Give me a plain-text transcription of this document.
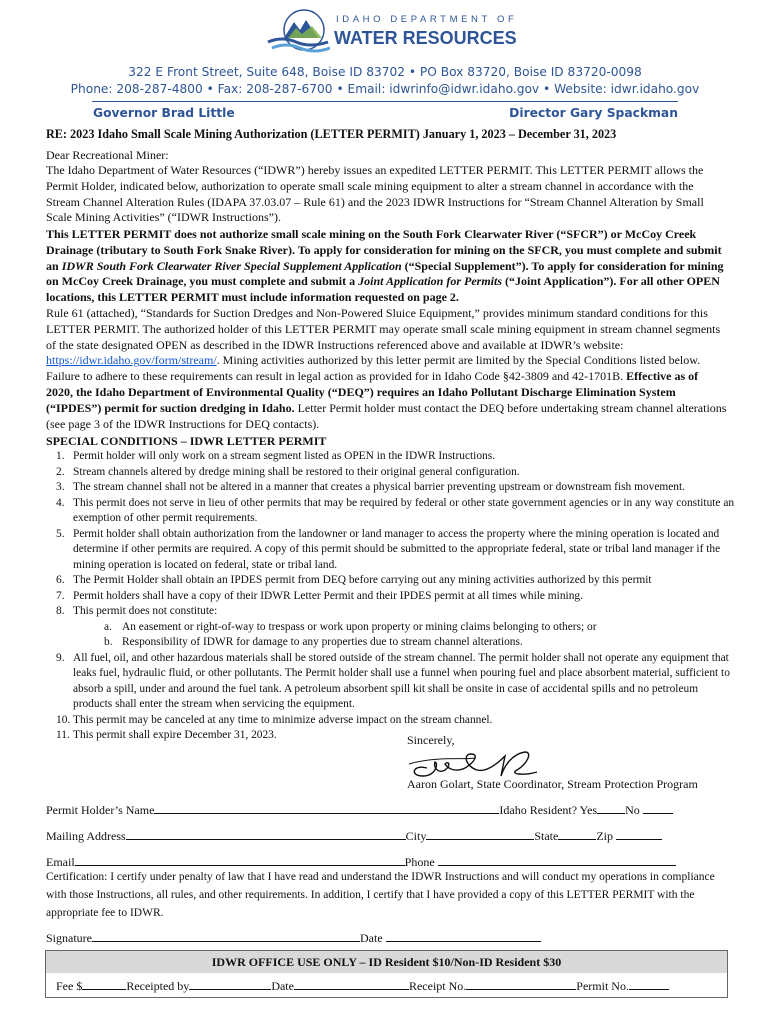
IDAHO DEPARTMENT OF
WATER RESOURCES
322 E Front Street, Suite 648, Boise ID 83702 • PO Box 83720, Boise ID 83720-0098
Phone: 208-287-4800 • Fax: 208-287-6700 • Email: idwrinfo@idwr.idaho.gov • Website: idwr.idaho.gov
Governor Brad Little	Director Gary Spackman
RE: 2023 Idaho Small Scale Mining Authorization (LETTER PERMIT) January 1, 2023 – December 31, 2023
Dear Recreational Miner:
The Idaho Department of Water Resources (“IDWR”) hereby issues an expedited LETTER PERMIT. This LETTER PERMIT allows the Permit Holder, indicated below, authorization to operate small scale mining equipment to alter a stream channel in accordance with the Stream Channel Alteration Rules (IDAPA 37.03.07 – Rule 61) and the 2023 IDWR Instructions for “Stream Channel Alteration by Small Scale Mining Activities” (“IDWR Instructions”).
This LETTER PERMIT does not authorize small scale mining on the South Fork Clearwater River (“SFCR”) or McCoy Creek Drainage (tributary to South Fork Snake River). To apply for consideration for mining on the SFCR, you must complete and submit an IDWR South Fork Clearwater River Special Supplement Application (“Special Supplement”). To apply for consideration for mining on McCoy Creek Drainage, you must complete and submit a Joint Application for Permits (“Joint Application”). For all other OPEN locations, this LETTER PERMIT must include information requested on page 2.
Rule 61 (attached), “Standards for Suction Dredges and Non-Powered Sluice Equipment,” provides minimum standard conditions for this LETTER PERMIT. The authorized holder of this LETTER PERMIT may operate small scale mining equipment in stream channel segments of the state designated OPEN as described in the IDWR Instructions referenced above and available at IDWR’s website: https://idwr.idaho.gov/form/stream/. Mining activities authorized by this letter permit are limited by the Special Conditions listed below. Failure to adhere to these requirements can result in legal action as provided for in Idaho Code §42-3809 and 42-1701B. Effective as of 2020, the Idaho Department of Environmental Quality (“DEQ”) requires an Idaho Pollutant Discharge Elimination System (“IPDES”) permit for suction dredging in Idaho. Letter Permit holder must contact the DEQ before undertaking stream channel alterations (see page 3 of the IDWR Instructions for DEQ contacts).
SPECIAL CONDITIONS – IDWR LETTER PERMIT
1. Permit holder will only work on a stream segment listed as OPEN in the IDWR Instructions.
2. Stream channels altered by dredge mining shall be restored to their original general configuration.
3. The stream channel shall not be altered in a manner that creates a physical barrier preventing upstream or downstream fish movement.
4. This permit does not serve in lieu of other permits that may be required by federal or other state government agencies or in any way constitute an exemption of other permit requirements.
5. Permit holder shall obtain authorization from the landowner or land manager to access the property where the mining operation is located and determine if other permits are required. A copy of this permit should be submitted to the appropriate federal, state or tribal land manager if the mining operation is located on federal, state or tribal land.
6. The Permit Holder shall obtain an IPDES permit from DEQ before carrying out any mining activities authorized by this permit
7. Permit holders shall have a copy of their IDWR Letter Permit and their IPDES permit at all times while mining.
8. This permit does not constitute:
a. An easement or right-of-way to trespass or work upon property or mining claims belonging to others; or
b. Responsibility of IDWR for damage to any properties due to stream channel alterations.
9. All fuel, oil, and other hazardous materials shall be stored outside of the stream channel. The permit holder shall not operate any equipment that leaks fuel, hydraulic fluid, or other pollutants. The Permit holder shall use a funnel when pouring fuel and place absorbent material, sufficient to absorb a spill, under and around the fuel tank. A petroleum absorbent spill kit shall be onsite in case of accidental spills and no petroleum products shall enter the stream when servicing the equipment.
10. This permit may be canceled at any time to minimize adverse impact on the stream channel.
11. This permit shall expire December 31, 2023.	Sincerely,
Aaron Golart, State Coordinator, Stream Protection Program
Permit Holder’s Name	Idaho Resident? Yes No
Mailing Address	City	State	Zip
Email	Phone
Certification: I certify under penalty of law that I have read and understand the IDWR Instructions and will conduct my operations in compliance with those Instructions, all rules, and other requirements. In addition, I certify that I have provided a copy of this LETTER PERMIT with the appropriate fee to IDWR.
Signature	Date
IDWR OFFICE USE ONLY – ID Resident $10/Non-ID Resident $30
Fee $	Receipted by	Date	Receipt No.	Permit No.
